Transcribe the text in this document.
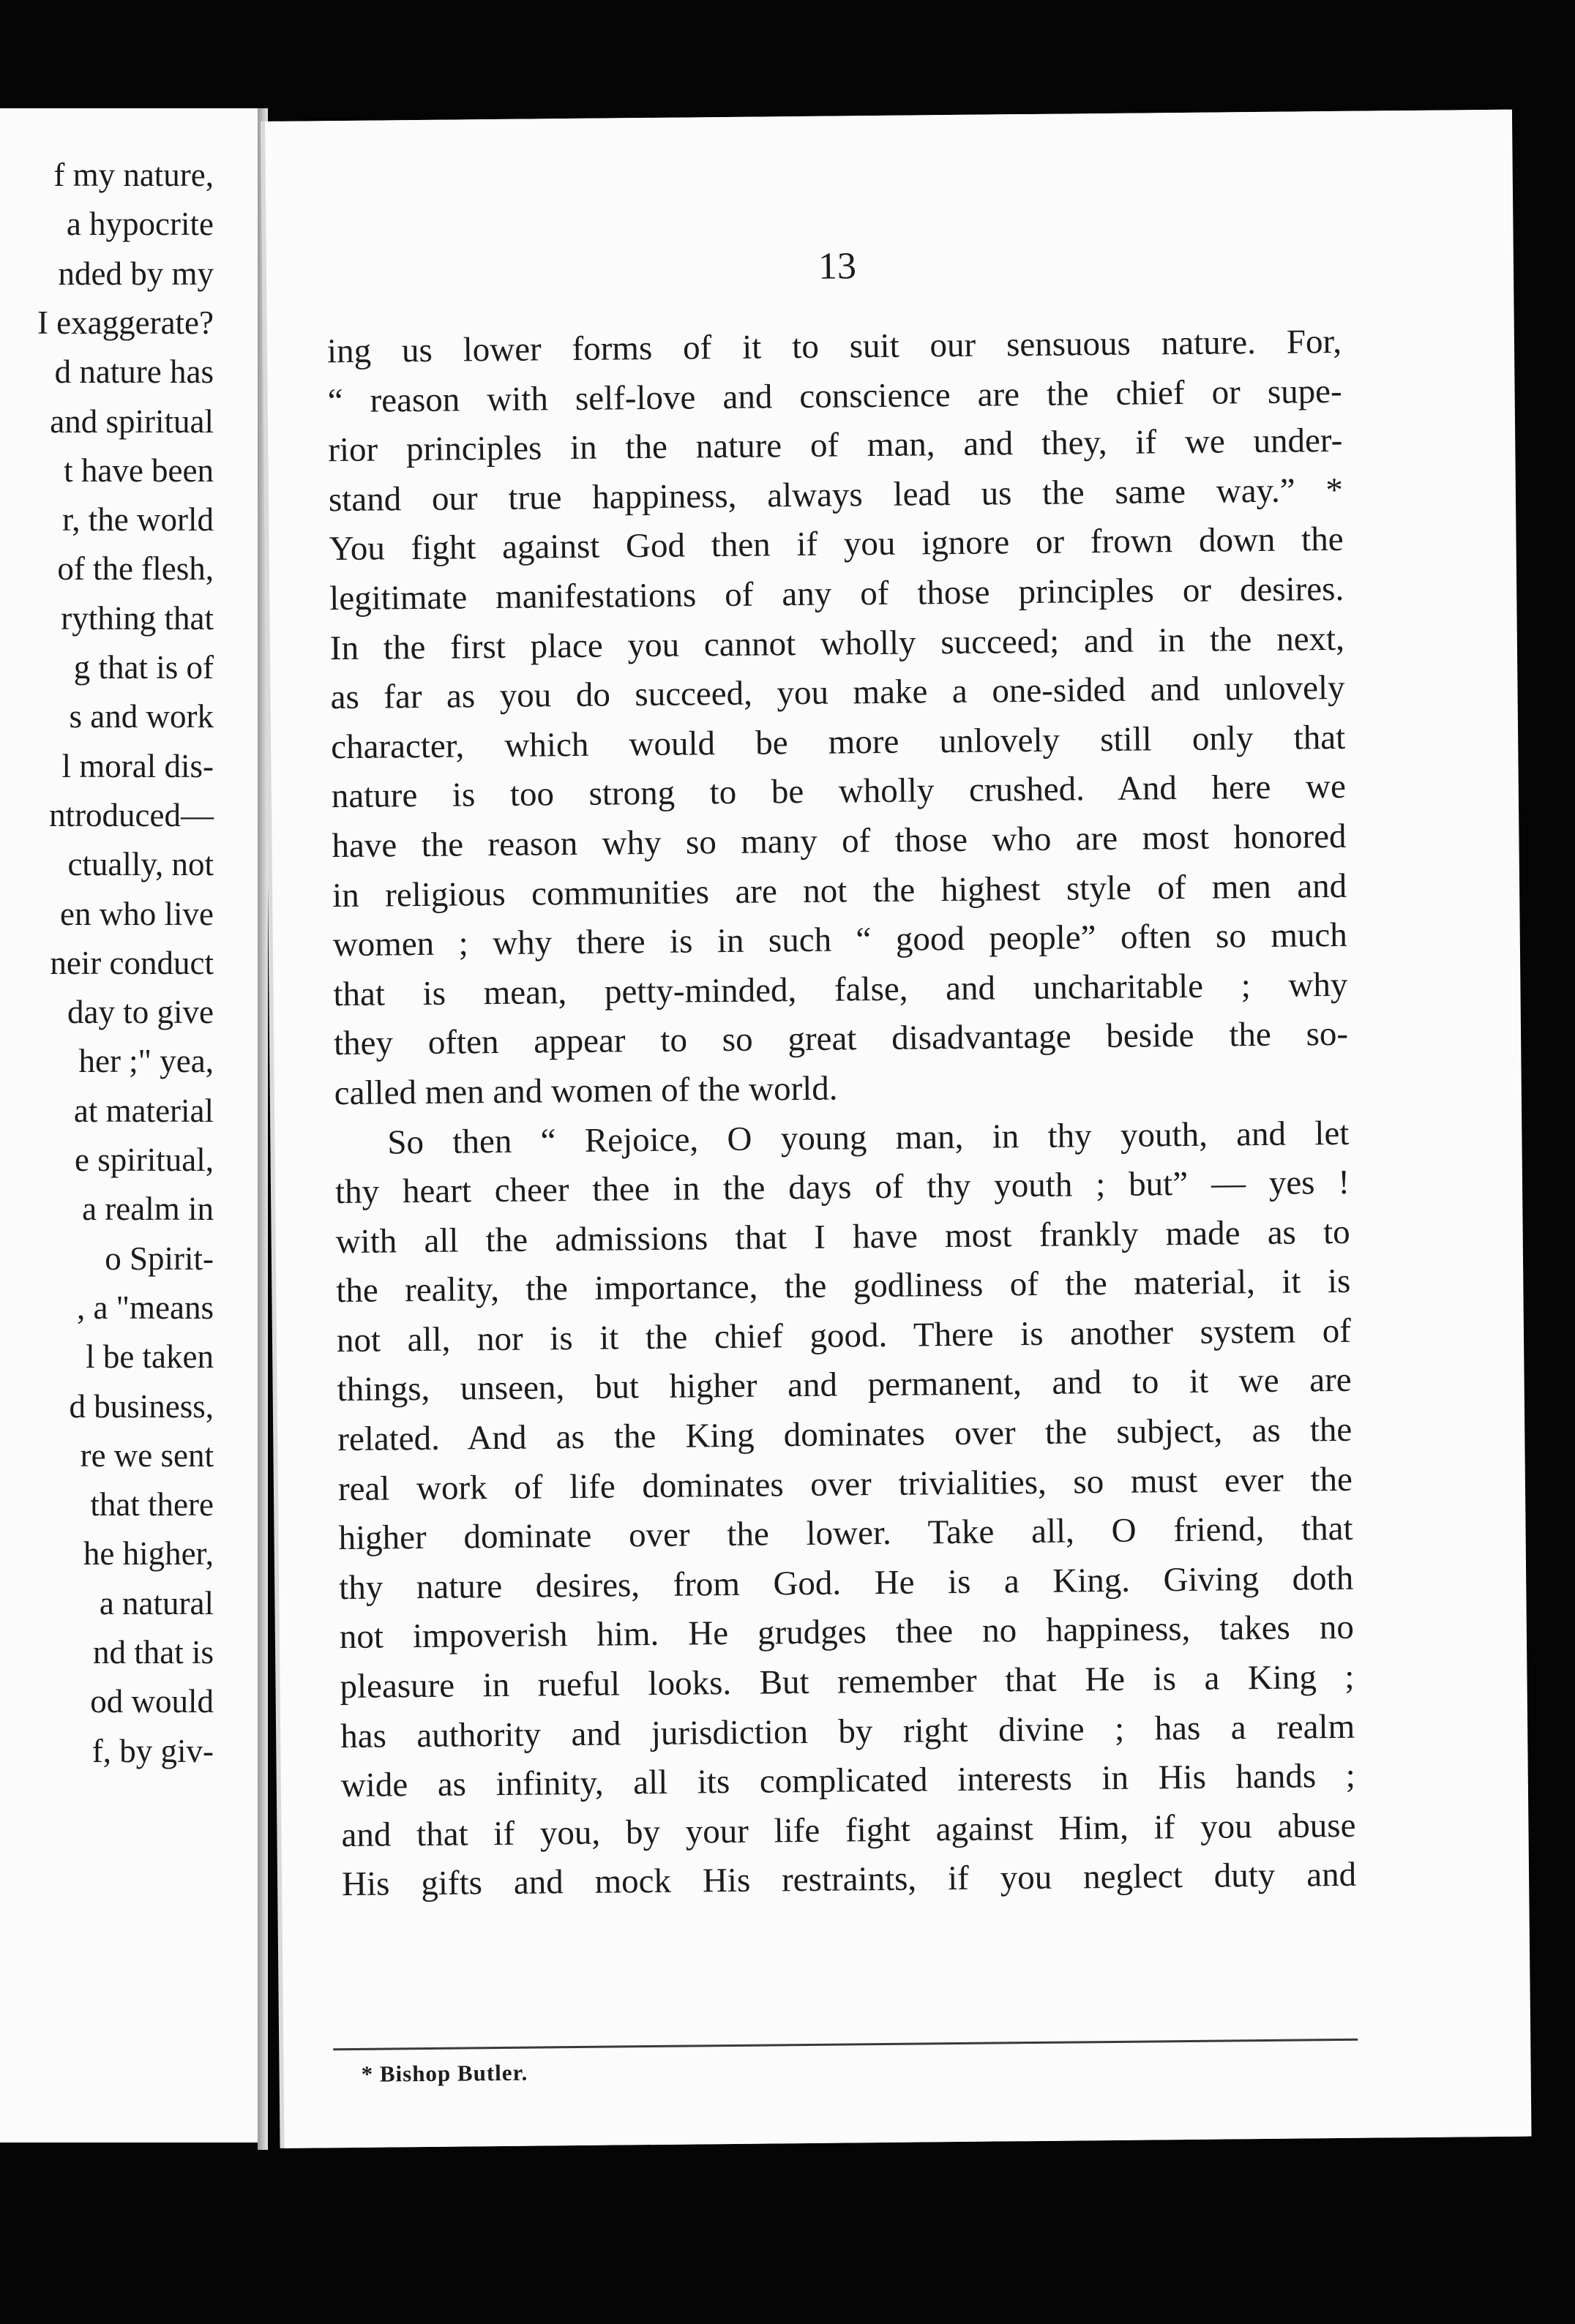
f my nature,
a hypocrite
nded by my
I exaggerate?
d nature has
and spiritual
t have been
r, the world
of the flesh,
rything that
g that is of
s and work
l moral dis-
ntroduced—
ctually, not
en who live
neir conduct
day to give
her ;" yea,
at material
e spiritual,
a realm in
o Spirit-
, a "means
l be taken
d business,
re we sent
that there
he higher,
a natural
nd that is
od would
f, by giv-
13
ing us lower forms of it to suit our sensuous nature. For,
“ reason with self-love and conscience are the chief or supe-
rior principles in the nature of man, and they, if we under-
stand our true happiness, always lead us the same way.” *
You fight against God then if you ignore or frown down the
legitimate manifestations of any of those principles or desires.
In the first place you cannot wholly succeed; and in the next,
as far as you do succeed, you make a one-sided and unlovely
character, which would be more unlovely still only that
nature is too strong to be wholly crushed. And here we
have the reason why so many of those who are most honored
in religious communities are not the highest style of men and
women ; why there is in such “ good people” often so much
that is mean, petty-minded, false, and uncharitable ; why
they often appear to so great disadvantage beside the so-
called men and women of the world.
So then “ Rejoice, O young man, in thy youth, and let
thy heart cheer thee in the days of thy youth ; but” — yes !
with all the admissions that I have most frankly made as to
the reality, the importance, the godliness of the material, it is
not all, nor is it the chief good. There is another system of
things, unseen, but higher and permanent, and to it we are
related. And as the King dominates over the subject, as the
real work of life dominates over trivialities, so must ever the
higher dominate over the lower. Take all, O friend, that
thy nature desires, from God. He is a King. Giving doth
not impoverish him. He grudges thee no happiness, takes no
pleasure in rueful looks. But remember that He is a King ;
has authority and jurisdiction by right divine ; has a realm
wide as infinity, all its complicated interests in His hands ;
and that if you, by your life fight against Him, if you abuse
His gifts and mock His restraints, if you neglect duty and
* Bishop Butler.
